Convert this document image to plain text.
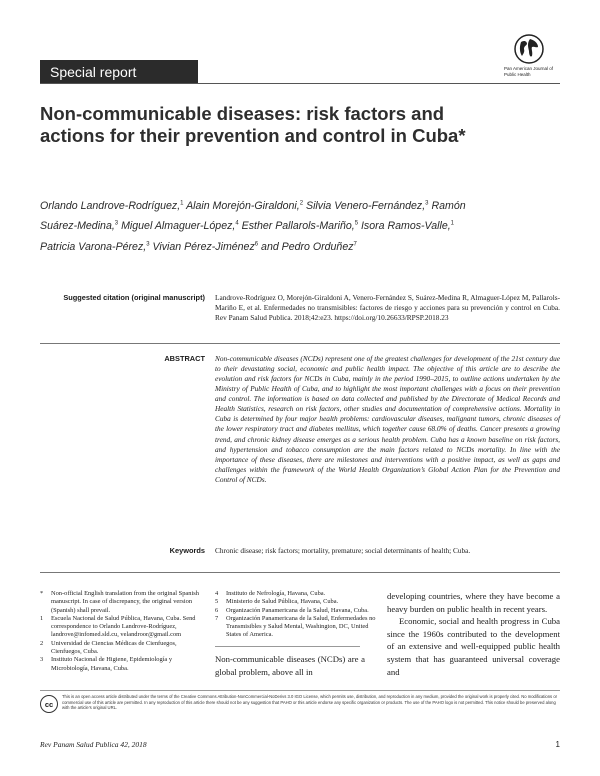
Special report	Pan American Journal of Public Health
Non-communicable diseases: risk factors and actions for their prevention and control in Cuba*
Orlando Landrove-Rodríguez,$^1$ Alain Morejón-Giraldoni,$^2$ Silvia Venero-Fernández,$^3$ Ramón Suárez-Medina,$^3$ Miguel Almaguer-López,$^4$ Esther Pallarols-Mariño,$^5$ Isora Ramos-Valle,$^1$ Patricia Varona-Pérez,$^3$ Vivian Pérez-Jiménez$^6$ and Pedro Orduñez$^7$
Suggested citation (original manuscript) Landrove-Rodríguez O, Morejón-Giraldoni A, Venero-Fernández S, Suárez-Medina R, Almaguer-López M, Pallarols-Mariño E, et al. Enfermedades no transmisibles: factores de riesgo y acciones para su prevención y control en Cuba. Rev Panam Salud Publica. 2018;42:e23. https://doi.org/10.26633/RPSP.2018.23
ABSTRACT Non-communicable diseases (NCDs) represent one of the greatest challenges for development of the 21st century due to their devastating social, economic and public health impact. The objective of this article are to describe the evolution and risk factors for NCDs in Cuba, mainly in the period 1990–2015, to outline actions undertaken by the Ministry of Public Health of Cuba, and to highlight the most important challenges with a focus on their prevention and control. The information is based on data collected and published by the Directorate of Medical Records and Health Statistics, research on risk factors, other studies and documentation of comprehensive actions. Mortality in Cuba is determined by four major health problems: cardiovascular diseases, malignant tumors, chronic diseases of the lower respiratory tract and diabetes mellitus, which together cause 68.0% of deaths. Cancer presents a growing trend, and chronic kidney disease emerges as a serious health problem. Cuba has a known baseline on risk factors, and hypertension and tobacco consumption are the main factors related to NCDs mortality. In line with the importance of these diseases, there are milestones and interventions with a positive impact, as well as gaps and challenges within the framework of the World Health Organization’s Global Action Plan for the Prevention and Control of NCDs.
Keywords Chronic disease; risk factors; mortality, premature; social determinants of health; Cuba.
*	Non-official English translation from the original Spanish manuscript. In case of discrepancy, the original version (Spanish) shall prevail.
1	Escuela Nacional de Salud Pública, Havana, Cuba. Send correspondence to Orlando Landrove-Rodríguez, landrove@infomed.sld.cu, velandroor@gmail.com
2	Universidad de Ciencias Médicas de Cienfuegos, Cienfuegos, Cuba.
3	Instituto Nacional de Higiene, Epidemiología y Microbiología, Havana, Cuba.
4	Instituto de Nefrología, Havana, Cuba.
5	Ministerio de Salud Pública, Havana, Cuba.
6	Organización Panamericana de la Salud, Havana, Cuba.
7	Organización Panamericana de la Salud, Enfermedades no Transmisibles y Salud Mental, Washington, DC, United States of America.
Non-communicable diseases (NCDs) are a global problem, above all in

developing countries, where they have become a heavy burden on public health in recent years.

Economic, social and health progress in Cuba since the 1960s contributed to the development of an extensive and well-equipped public health system that has guaranteed universal coverage and

cc
This is an open access article distributed under the terms of the Creative Commons Attribution-NonCommercial-NoDerivs 3.0 IGO License, which permits use, distribution, and reproduction in any medium, provided the original work is properly cited. No modifications or commercial use of this article are permitted. In any reproduction of this article there should not be any suggestion that PAHO or this article endorse any specific organization or products. The use of the PAHO logo is not permitted. This notice should be preserved along with the article’s original URL.
Rev Panam Salud Publica 42, 2018	1
